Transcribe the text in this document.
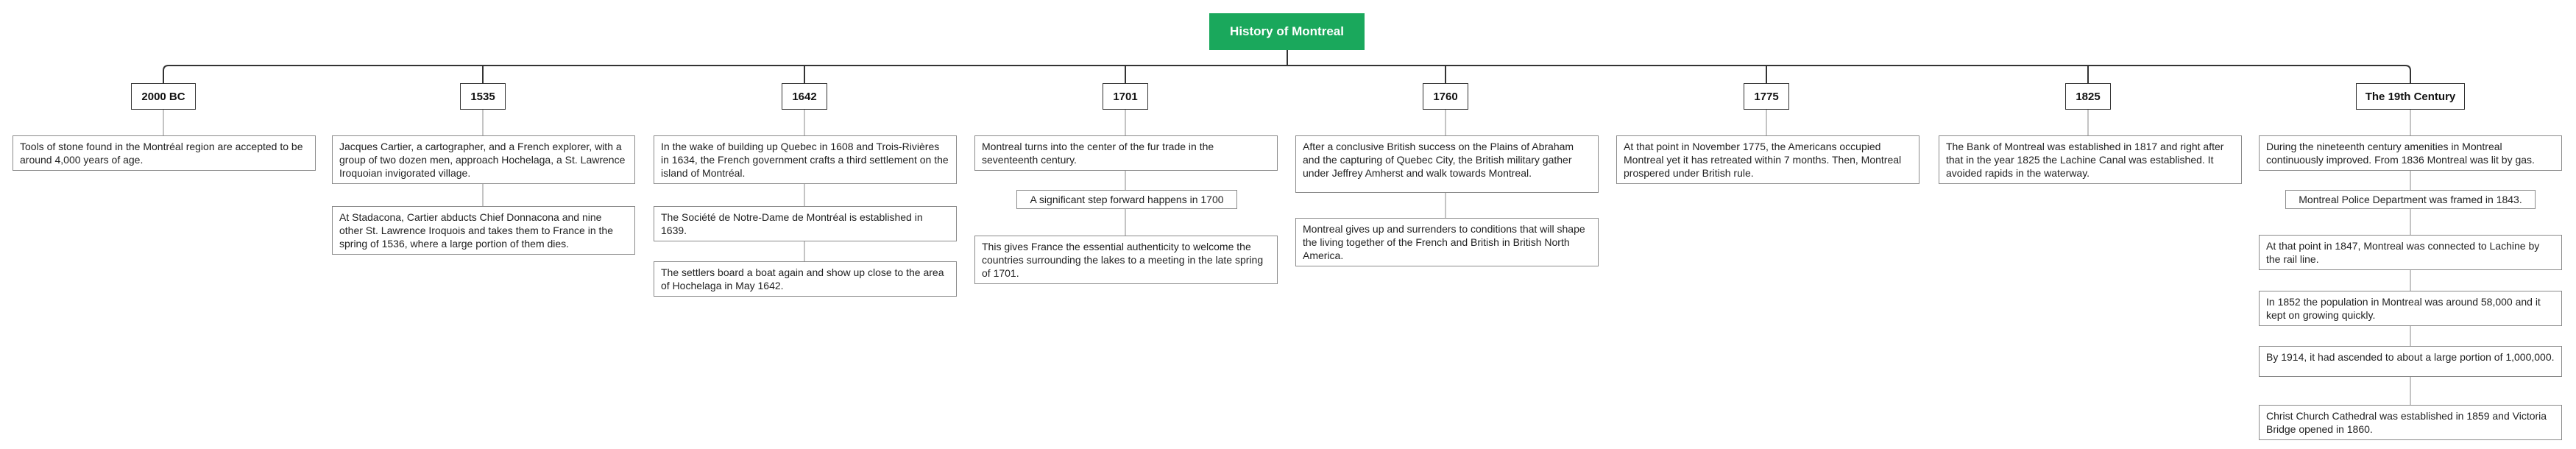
History of Montreal
2000 BC
Tools of stone found in the Montréal region are accepted to be around 4,000 years of age.
1535
Jacques Cartier, a cartographer, and a French explorer, with a group of two dozen men, approach Hochelaga, a St. Lawrence Iroquoian invigorated village.
At Stadacona, Cartier abducts Chief Donnacona and nine other St. Lawrence Iroquois and takes them to France in the spring of 1536, where a large portion of them dies.
1642
In the wake of building up Quebec in 1608 and Trois-Rivières in 1634, the French government crafts a third settlement on the island of Montréal.
The Société de Notre-Dame de Montréal is established in 1639.
The settlers board a boat again and show up close to the area of Hochelaga in May 1642.
1701
Montreal turns into the center of the fur trade in the seventeenth century.
A significant step forward happens in 1700
This gives France the essential authenticity to welcome the countries surrounding the lakes to a meeting in the late spring of 1701.
1760
After a conclusive British success on the Plains of Abraham and the capturing of Quebec City, the British military gather under Jeffrey Amherst and walk towards Montreal.
Montreal gives up and surrenders to conditions that will shape the living together of the French and British in British North America.
1775
At that point in November 1775, the Americans occupied Montreal yet it has retreated within 7 months. Then, Montreal prospered under British rule.
1825
The Bank of Montreal was established in 1817 and right after that in the year 1825 the Lachine Canal was established. It avoided rapids in the waterway.
The 19th Century
During the nineteenth century amenities in Montreal continuously improved. From 1836 Montreal was lit by gas.
Montreal Police Department was framed in 1843.
At that point in 1847, Montreal was connected to Lachine by the rail line.
In 1852 the population in Montreal was around 58,000 and it kept on growing quickly.
By 1914, it had ascended to about a large portion of 1,000,000.
Christ Church Cathedral was established in 1859 and Victoria Bridge opened in 1860.
